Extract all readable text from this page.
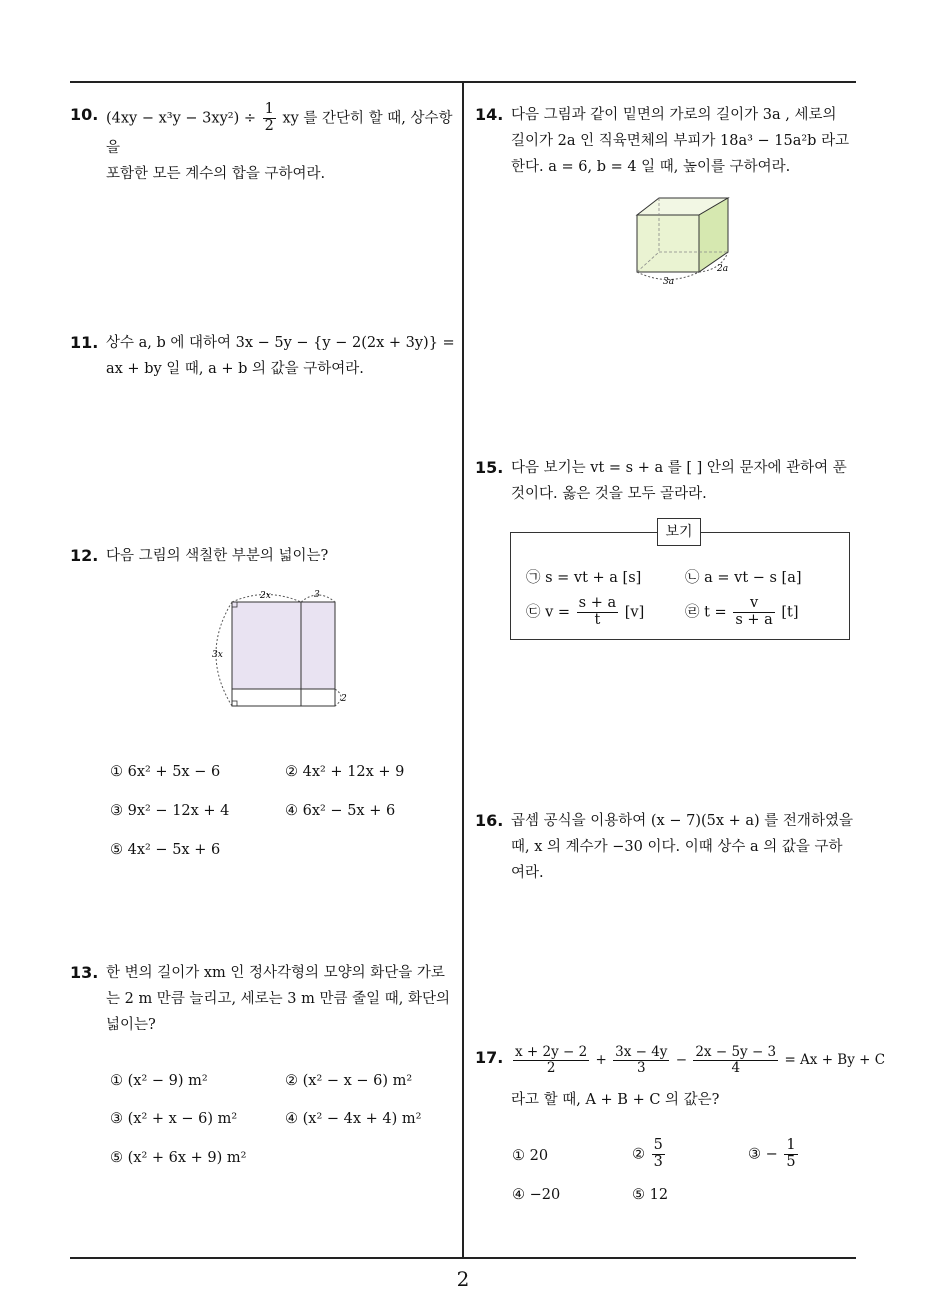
10. $(4xy - x^3y - 3xy^2) \div \frac{1}{2}$ xy 를 간단히 할 때, 상수항을
포함한 모든 계수의 합을 구하여라.
11. 상수 a, b 에 대하여 3x − 5y − {y − 2(2x + 3y)} =
ax + by 일 때, a + b 의 값을 구하여라.
12. 다음 그림의 색칠한 부분의 넓이는?
2x	3
3x
2
① 6x² + 5x − 6	② 4x² + 12x + 9
③ 9x² − 12x + 4	④ 6x² − 5x + 6
⑤ 4x² − 5x + 6
13. 한 변의 길이가 xm 인 정사각형의 모양의 화단을 가로
는 2 m 만큼 늘리고, 세로는 3 m 만큼 줄일 때, 화단의
넓이는?
① (x² − 9) m²	② (x² − x − 6) m²
③ (x² + x − 6) m²	④ (x² − 4x + 4) m²
⑤ (x² + 6x + 9) m²
14. 다음 그림과 같이 밑면의 가로의 길이가 3a , 세로의
길이가 2a 인 직육면체의 부피가 18a³ − 15a²b 라고
한다. a = 6, b = 4 일 때, 높이를 구하여라.
3a
2a
15. 다음 보기는 vt = s + a 를 [ ] 안의 문자에 관하여 푼
것이다. 옳은 것을 모두 골라라.
보기
㉠ s = vt + a [s]	㉡ a = vt − s [a]
㉢ $v = \frac{s + a}{t} [v]$	㉣ $t = \frac{v}{s + a} [t]$
16. 곱셈 공식을 이용하여 (x − 7)(5x + a) 를 전개하였을
때, x 의 계수가 −30 이다. 이때 상수 a 의 값을 구하
여라.
17. $\frac{x + 2y - 2}{2} + \frac{3x - 4y}{3} - \frac{2x - 5y - 3}{4} = Ax + By + C$
라고 할 때, A + B + C 의 값은?
① 20	② $\frac{5}{3}$	③ − $\frac{1}{5}$
④ −20	⑤ 12
2
